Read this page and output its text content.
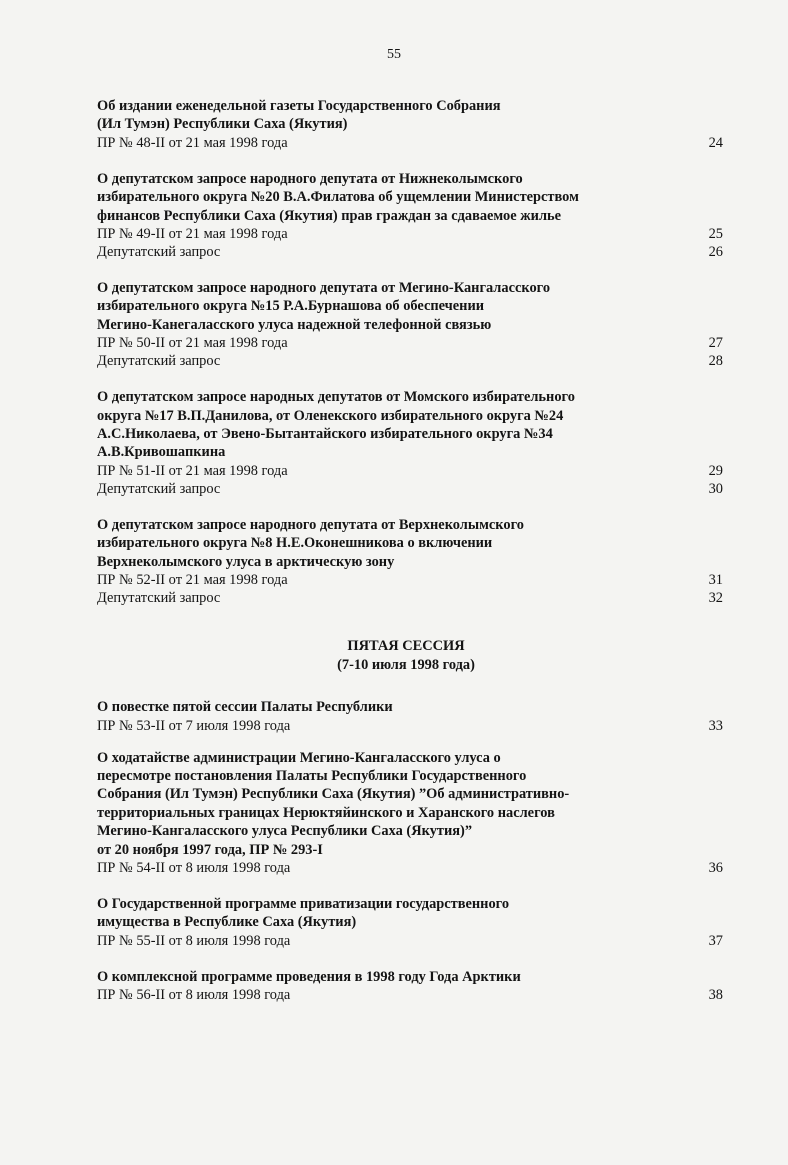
55
Об издании еженедельной газеты Государственного Собрания
(Ил Тумэн) Республики Саха (Якутия)
ПР № 48-II от 21 мая 1998 года	24
О депутатском запросе народного депутата от Нижнеколымского
избирательного округа №20 В.А.Филатова об ущемлении Министерством
финансов Республики Саха (Якутия) прав граждан за сдаваемое жилье
ПР № 49-II от 21 мая 1998 года	25
Депутатский запрос	26
О депутатском запросе народного депутата от Мегино-Кангаласского
избирательного округа №15 Р.А.Бурнашова об обеспечении
Мегино-Канегаласского улуса надежной телефонной связью
ПР № 50-II от 21 мая 1998 года	27
Депутатский запрос	28
О депутатском запросе народных депутатов от Момского избирательного
округа №17 В.П.Данилова, от Оленекского избирательного округа №24
А.С.Николаева, от Эвено-Бытантайского избирательного округа №34
А.В.Кривошапкина
ПР № 51-II от 21 мая 1998 года	29
Депутатский запрос	30
О депутатском запросе народного депутата от Верхнеколымского
избирательного округа №8 Н.Е.Оконешникова о включении
Верхнеколымского улуса в арктическую зону
ПР № 52-II от 21 мая 1998 года	31
Депутатский запрос	32
ПЯТАЯ СЕССИЯ
(7-10 июля 1998 года)
О повестке пятой сессии Палаты Республики
ПР № 53-II от 7 июля 1998 года	33
О ходатайстве администрации Мегино-Кангаласского улуса о
пересмотре постановления Палаты Республики Государственного
Собрания (Ил Тумэн) Республики Саха (Якутия) ”Об административно-
территориальных границах Нерюктяйинского и Харанского наслегов
Мегино-Кангаласского улуса Республики Саха (Якутия)”
от 20 ноября 1997 года, ПР № 293-I
ПР № 54-II от 8 июля 1998 года	36
О Государственной программе приватизации государственного
имущества в Республике Саха (Якутия)
ПР № 55-II от 8 июля 1998 года	37
О комплексной программе проведения в 1998 году Года Арктики
ПР № 56-II от 8 июля 1998 года	38
